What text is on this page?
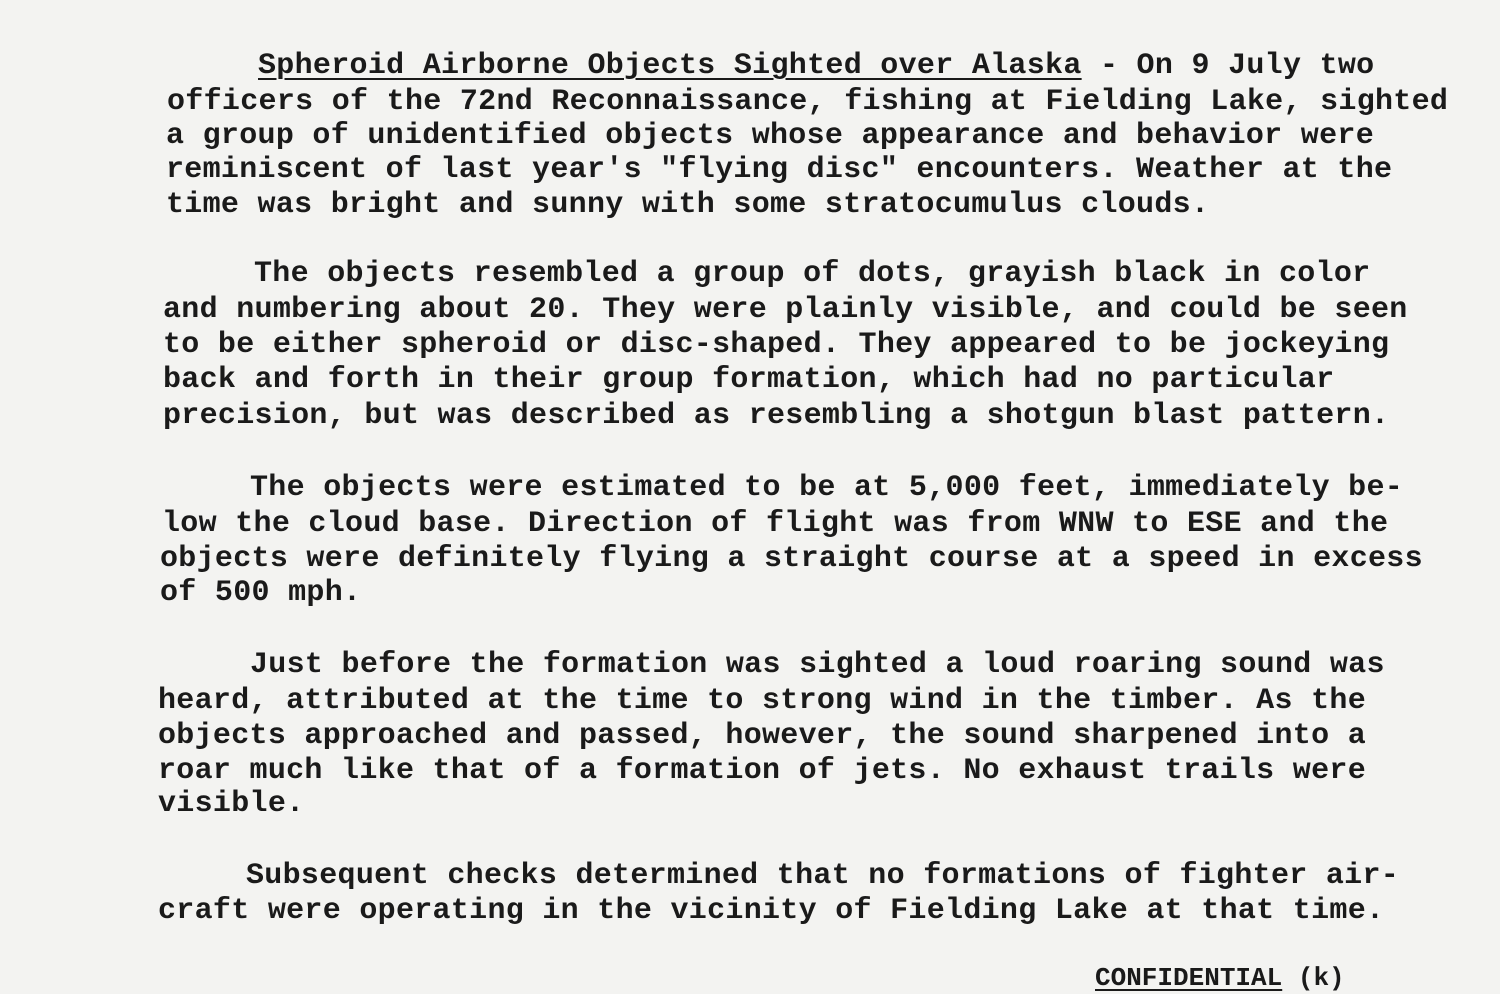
Spheroid Airborne Objects Sighted over Alaska - On 9 July two
officers of the 72nd Reconnaissance, fishing at Fielding Lake, sighted
a group of unidentified objects whose appearance and behavior were
reminiscent of last year's "flying disc" encounters. Weather at the
time was bright and sunny with some stratocumulus clouds.
The objects resembled a group of dots, grayish black in color
and numbering about 20. They were plainly visible, and could be seen
to be either spheroid or disc-shaped. They appeared to be jockeying
back and forth in their group formation, which had no particular
precision, but was described as resembling a shotgun blast pattern.
The objects were estimated to be at 5,000 feet, immediately be-
low the cloud base. Direction of flight was from WNW to ESE and the
objects were definitely flying a straight course at a speed in excess
of 500 mph.
Just before the formation was sighted a loud roaring sound was
heard, attributed at the time to strong wind in the timber. As the
objects approached and passed, however, the sound sharpened into a
roar much like that of a formation of jets. No exhaust trails were
visible.
Subsequent checks determined that no formations of fighter air-
craft were operating in the vicinity of Fielding Lake at that time.
CONFIDENTIAL (k)
